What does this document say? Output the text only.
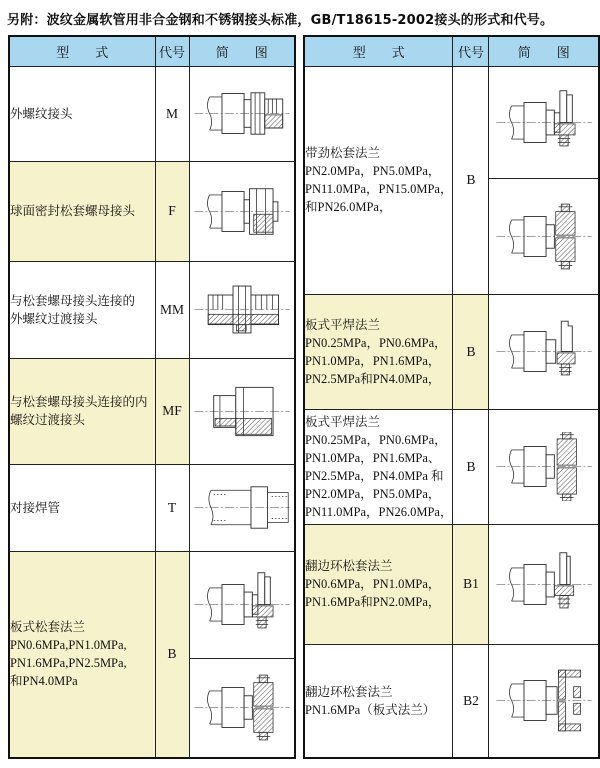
另附：波纹金属软管用非合金钢和不锈钢接头标准，GB/T18615-2002接头的形式和代号。
型　　式	代号	简　　图

外螺纹接头	M	

球面密封松套螺母接头	F	

与松套螺母接头连接的
外螺纹过渡接头	MM	

与松套螺母接头连接的内
螺纹过渡接头	MF	

对接焊管	T	

板式松套法兰
PN0.6MPa,PN1.0MPa,
PN1.6MPa,PN2.5MPa,
和PN4.0MPa	B	

型　　式	代号	简　　图

带劲松套法兰
PN2.0MPa，PN5.0MPa，
PN11.0MPa，PN15.0MPa，
和PN26.0MPa，	B	

板式平焊法兰
PN0.25MPa，PN0.6MPa，
PN1.0MPa，PN1.6MPa，
PN2.5MPa和PN4.0MPa，	B	

板式平焊法兰
PN0.25MPa，PN0.6MPa，
PN1.0MPa，PN1.6MPa、
PN2.5MPa，PN4.0MPa 和
PN2.0MPa，PN5.0MPa，
PN11.0MPa，PN26.0MPa，
	B	

翻边环松套法兰
PN0.6MPa，PN1.0MPa，
PN1.6MPa和PN2.0MPa，	B1	

翻边环松套法兰
PN1.6MPa（板式法兰）	B2	
